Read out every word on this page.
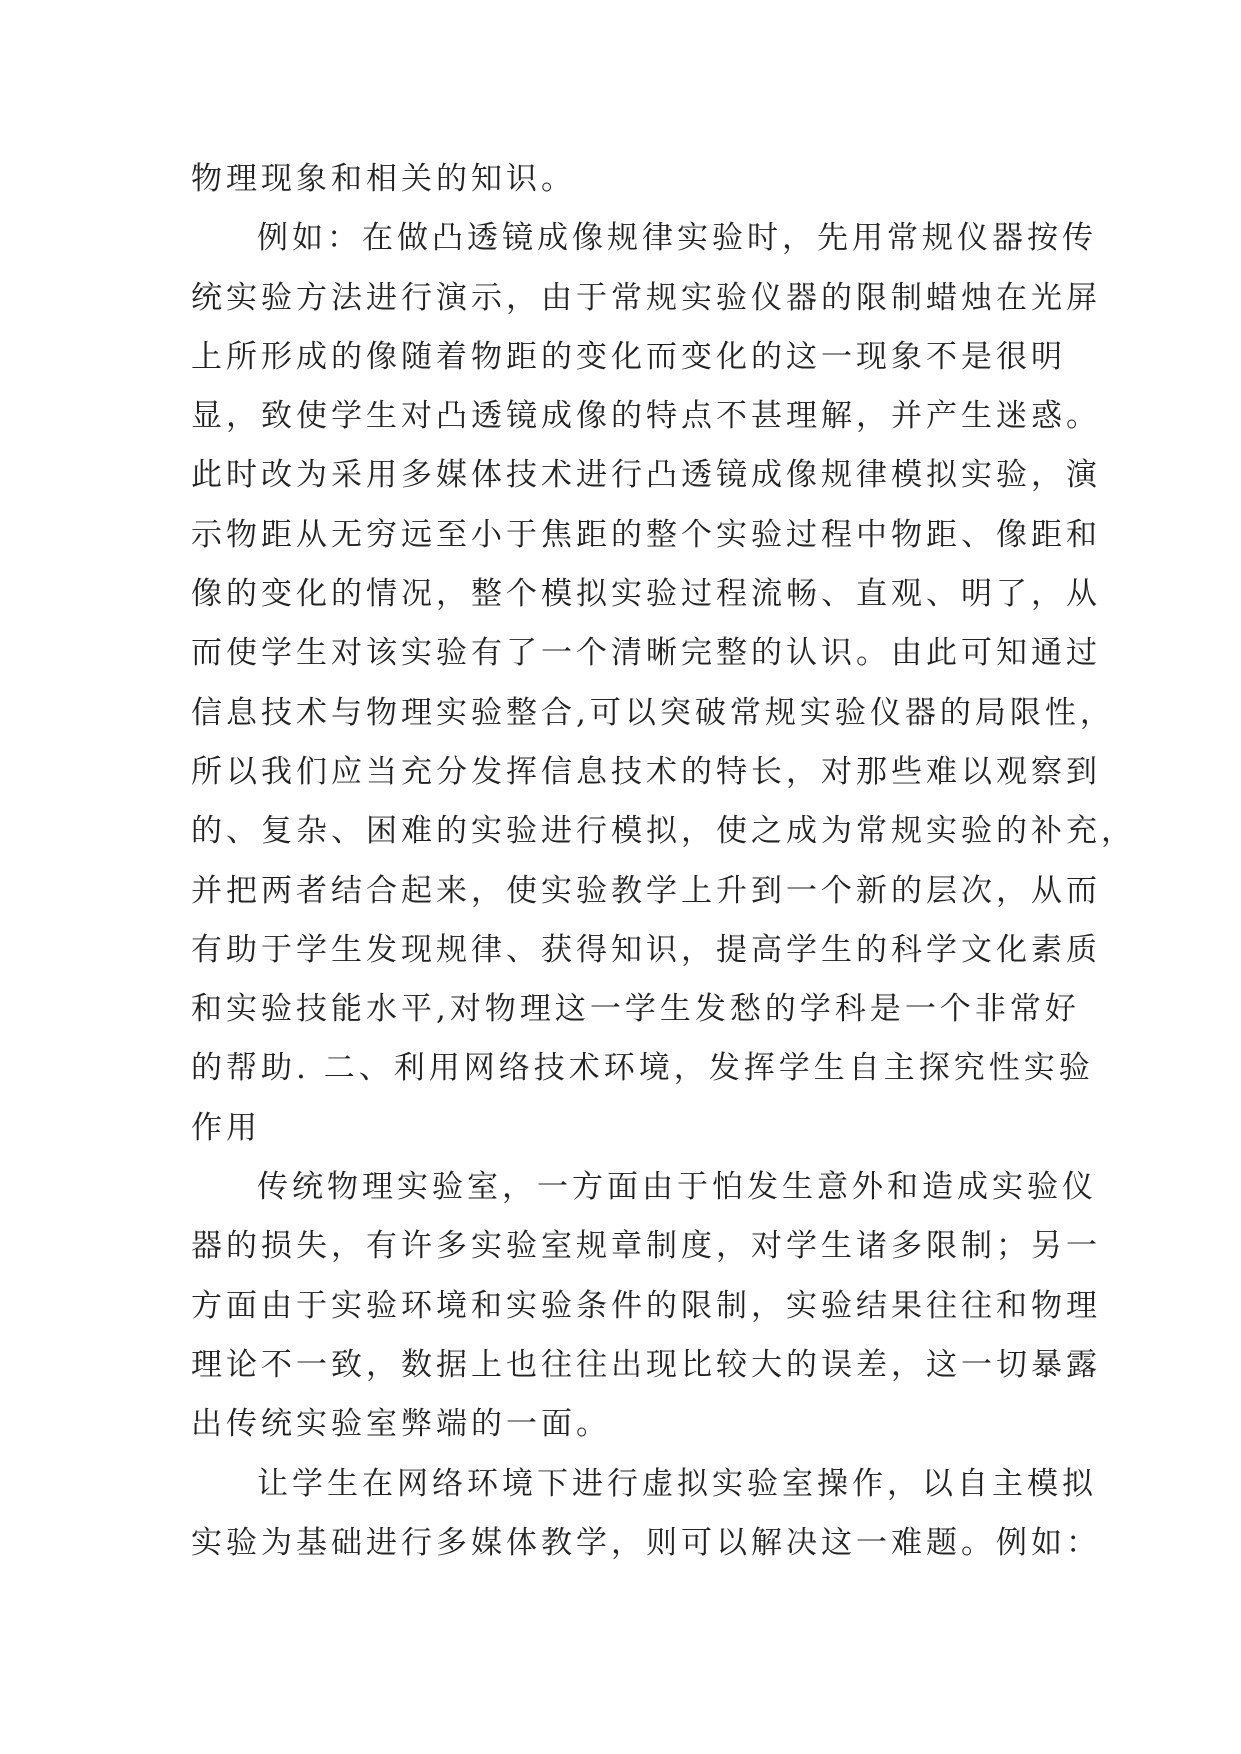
物理现象和相关的知识。
例如：在做凸透镜成像规律实验时，先用常规仪器按传
统实验方法进行演示，由于常规实验仪器的限制蜡烛在光屏
上所形成的像随着物距的变化而变化的这一现象不是很明
显，致使学生对凸透镜成像的特点不甚理解，并产生迷惑。
此时改为采用多媒体技术进行凸透镜成像规律模拟实验，演
示物距从无穷远至小于焦距的整个实验过程中物距、像距和
像的变化的情况，整个模拟实验过程流畅、直观、明了，从
而使学生对该实验有了一个清晰完整的认识。由此可知通过
信息技术与物理实验整合,可以突破常规实验仪器的局限性，
所以我们应当充分发挥信息技术的特长，对那些难以观察到
的、复杂、困难的实验进行模拟，使之成为常规实验的补充，
并把两者结合起来，使实验教学上升到一个新的层次，从而
有助于学生发现规律、获得知识，提高学生的科学文化素质
和实验技能水平,对物理这一学生发愁的学科是一个非常好
的帮助. 二、利用网络技术环境，发挥学生自主探究性实验
作用
传统物理实验室，一方面由于怕发生意外和造成实验仪
器的损失，有许多实验室规章制度，对学生诸多限制；另一
方面由于实验环境和实验条件的限制，实验结果往往和物理
理论不一致，数据上也往往出现比较大的误差，这一切暴露
出传统实验室弊端的一面。
让学生在网络环境下进行虚拟实验室操作，以自主模拟
实验为基础进行多媒体教学，则可以解决这一难题。例如：
